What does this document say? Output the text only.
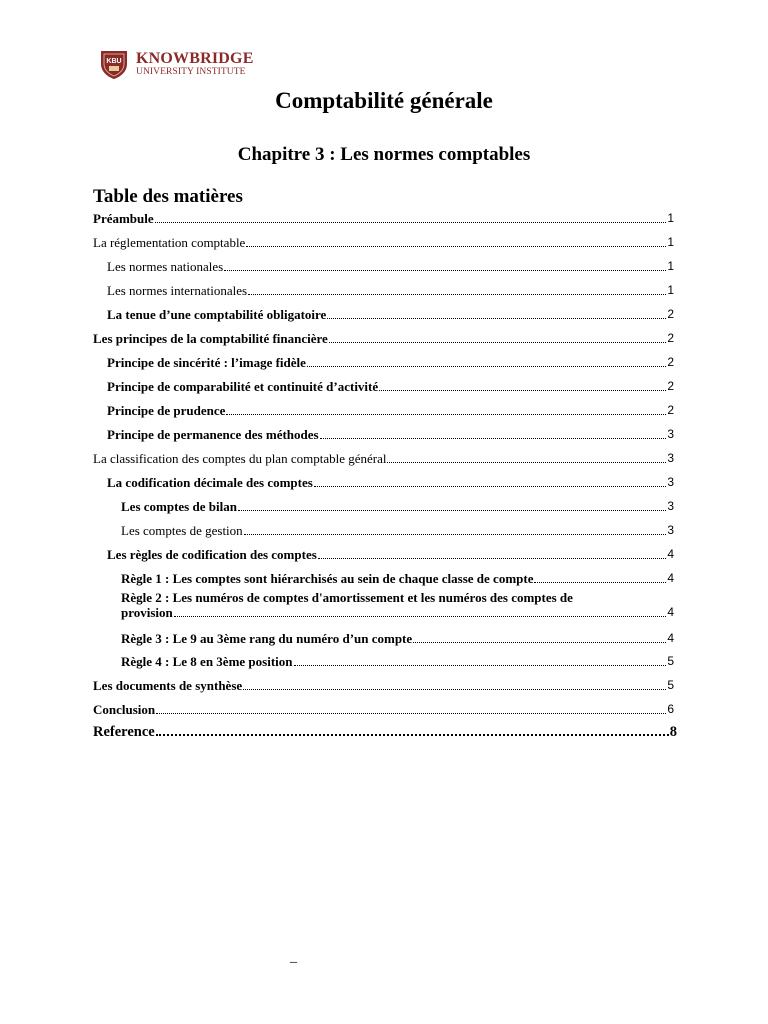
KBU KNOWBRIDGE
UNIVERSITY INSTITUTE
Comptabilité générale
Chapitre 3 : Les normes comptables
Table des matières
Préambule	1
La réglementation comptable	1
Les normes nationales	1
Les normes internationales	1
La tenue d’une comptabilité obligatoire	2
Les principes de la comptabilité financière	2
Principe de sincérité : l’image fidèle	2
Principe de comparabilité et continuité d’activité	2
Principe de prudence	2
Principe de permanence des méthodes	3
La classification des comptes du plan comptable général	3
La codification décimale des comptes	3
Les comptes de bilan	3
Les comptes de gestion	3
Les règles de codification des comptes	4
Règle 1 : Les comptes sont hiérarchisés au sein de chaque classe de compte	4
Règle 2 : Les numéros de comptes d'amortissement et les numéros des comptes de
provision	4
Règle 3 : Le 9 au 3ème rang du numéro d’un compte	4
Règle 4 : Le 8 en 3ème position	5
Les documents de synthèse	5
Conclusion	6
Reference	8
_
